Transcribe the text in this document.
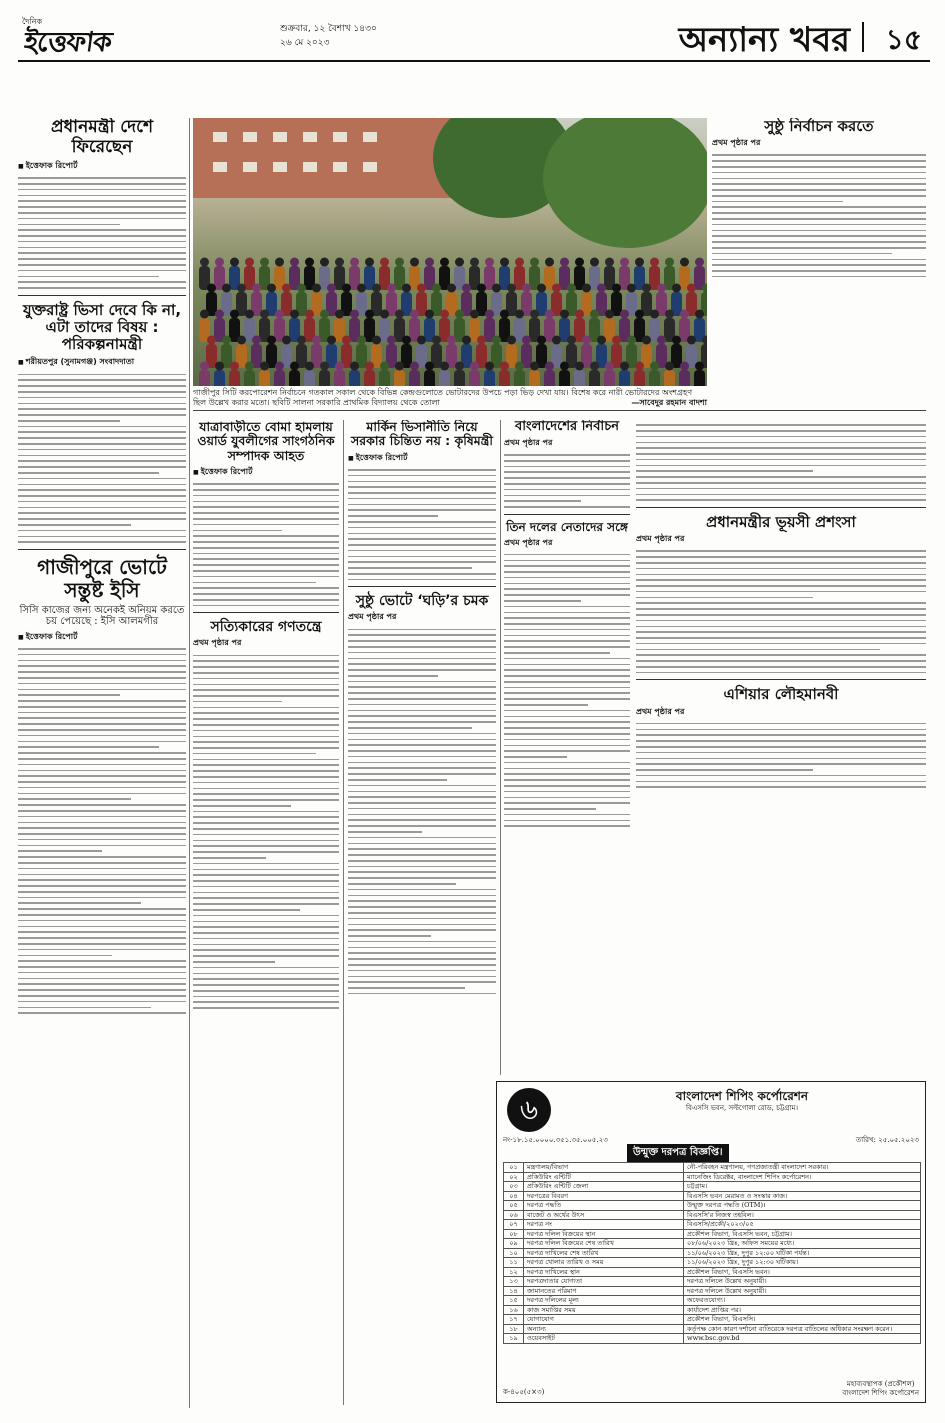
দৈনিক
ইত্তেফাক	শুক্রবার, ১২ বৈশাখ ১৪৩০
২৬ মে ২০২৩	অন্যান্য খবর ১৫
প্রধানমন্ত্রী দেশে ফিরেছেন
■ ইত্তেফাক রিপোর্ট
যুক্তরাষ্ট্র ভিসা দেবে কি না, এটা তাদের বিষয় : পরিকল্পনামন্ত্রী
■ শরীয়তপুর (সুনামগঞ্জ) সংবাদদাতা
গাজীপুরে ভোটে সন্তুষ্ট ইসি
সিসি কাজের জন্য অনেকই অনিয়ম করতে চয় পেয়েছে : ইসি আলমগীর
■ ইত্তেফাক রিপোর্ট
গাজীপুর সিটি করপোরেশন নির্বাচনে গতকাল সকাল থেকে বিভিন্ন কেন্দ্রগুলোতে ভোটারদের উপচে পড়া ভিড় দেখা যায়। বিশেষ করে নারী ভোটারদের অংশগ্রহণ ছিল উল্লেখ করার মতো। ছবিটি সালনা সরকারি প্রাথমিক বিদ্যালয় থেকে তোলা	—সাবেদুর রহমান বাদশা
যাত্রাবাড়ীতে বোমা হামলায় ওয়ার্ড যুবলীগের সাংগঠনিক সম্পাদক আহত
■ ইত্তেফাক রিপোর্ট
সত্যিকারের গণতন্ত্রে
প্রথম পৃষ্ঠার পর
মার্কিন ভিসানীতি নিয়ে সরকার চিন্তিত নয় : কৃষিমন্ত্রী
■ ইত্তেফাক রিপোর্ট
সুষ্ঠু ভোটে ‘ঘড়ি’র চমক
প্রথম পৃষ্ঠার পর
বাংলাদেশের নির্বাচন
প্রথম পৃষ্ঠার পর
তিন দলের নেতাদের সঙ্গে
প্রথম পৃষ্ঠার পর
সুষ্ঠু নির্বাচন করতে
প্রথম পৃষ্ঠার পর
প্রধানমন্ত্রীর ভূয়সী প্রশংসা
প্রথম পৃষ্ঠার পর
এশিয়ার লৌহমানবী
প্রথম পৃষ্ঠার পর
৬	বাংলাদেশ শিপিং কর্পোরেশন
বিএসসি ভবন, সল্টগোলা রোড, চট্টগ্রাম।
নং-১৮.১৫.০০০০.৩৫১.৩৫.০০৫.২৩	তারিখ: ২৫.০৫.২০২৩
উন্মুক্ত দরপত্র বিজ্ঞপ্তি।
০১	মন্ত্রণালয়/বিভাগ	নৌ-পরিবহন মন্ত্রণালয়, গণপ্রজাতন্ত্রী বাংলাদেশ সরকার।
০২	প্রকিউরিং এন্টিটি	ম্যানেজিং ডিরেক্টর, বাংলাদেশ শিপিং কর্পোরেশন।
০৩	প্রকিউরিং এন্টিটি জেলা	চট্টগ্রাম।
০৪	দরপত্রের বিবরণ	বিএসসি ভবন মেরামত ও সংস্কার কাজ।
০৫	দরপত্র পদ্ধতি	উন্মুক্ত দরপত্র পদ্ধতি (OTM)।
০৬	বাজেট ও অর্থের উৎস	বিএসসি'র নিজস্ব তহবিল।
০৭	দরপত্র নং	বিএসসি/প্রকৌ/২০২৩/০৫
০৮	দরপত্র দলিল বিক্রয়ের স্থান	প্রকৌশল বিভাগ, বিএসসি ভবন, চট্টগ্রাম।
০৯	দরপত্র দলিল বিক্রয়ের শেষ তারিখ	০৮/০৬/২০২৩ খ্রিঃ, অফিস সময়ের মধ্যে।
১০	দরপত্র দাখিলের শেষ তারিখ	১১/০৬/২০২৩ খ্রিঃ, দুপুর ১২:০০ ঘটিকা পর্যন্ত।
১১	দরপত্র খোলার তারিখ ও সময়	১১/০৬/২০২৩ খ্রিঃ, দুপুর ১২:৩০ ঘটিকায়।
১২	দরপত্র দাখিলের স্থান	প্রকৌশল বিভাগ, বিএসসি ভবন।
১৩	দরপত্রদাতার যোগ্যতা	দরপত্র দলিলে উল্লেখ অনুযায়ী।
১৪	জামানতের পরিমাণ	দরপত্র দলিলে উল্লেখ অনুযায়ী।
১৫	দরপত্র দলিলের মূল্য	অফেরতযোগ্য।
১৬	কাজ সমাপ্তির সময়	কার্যাদেশ প্রাপ্তির পর।
১৭	যোগাযোগ	প্রকৌশল বিভাগ, বিএসসি।
১৮	অন্যান্য	কর্তৃপক্ষ কোন কারণ দর্শানো ব্যতিরেকে দরপত্র বাতিলের অধিকার সংরক্ষণ করেন।
১৯	ওয়েবসাইট	www.bsc.gov.bd
ক-৪০৫(৫×৩)
মহাব্যবস্থাপক (প্রকৌশল)
বাংলাদেশ শিপিং কর্পোরেশন
